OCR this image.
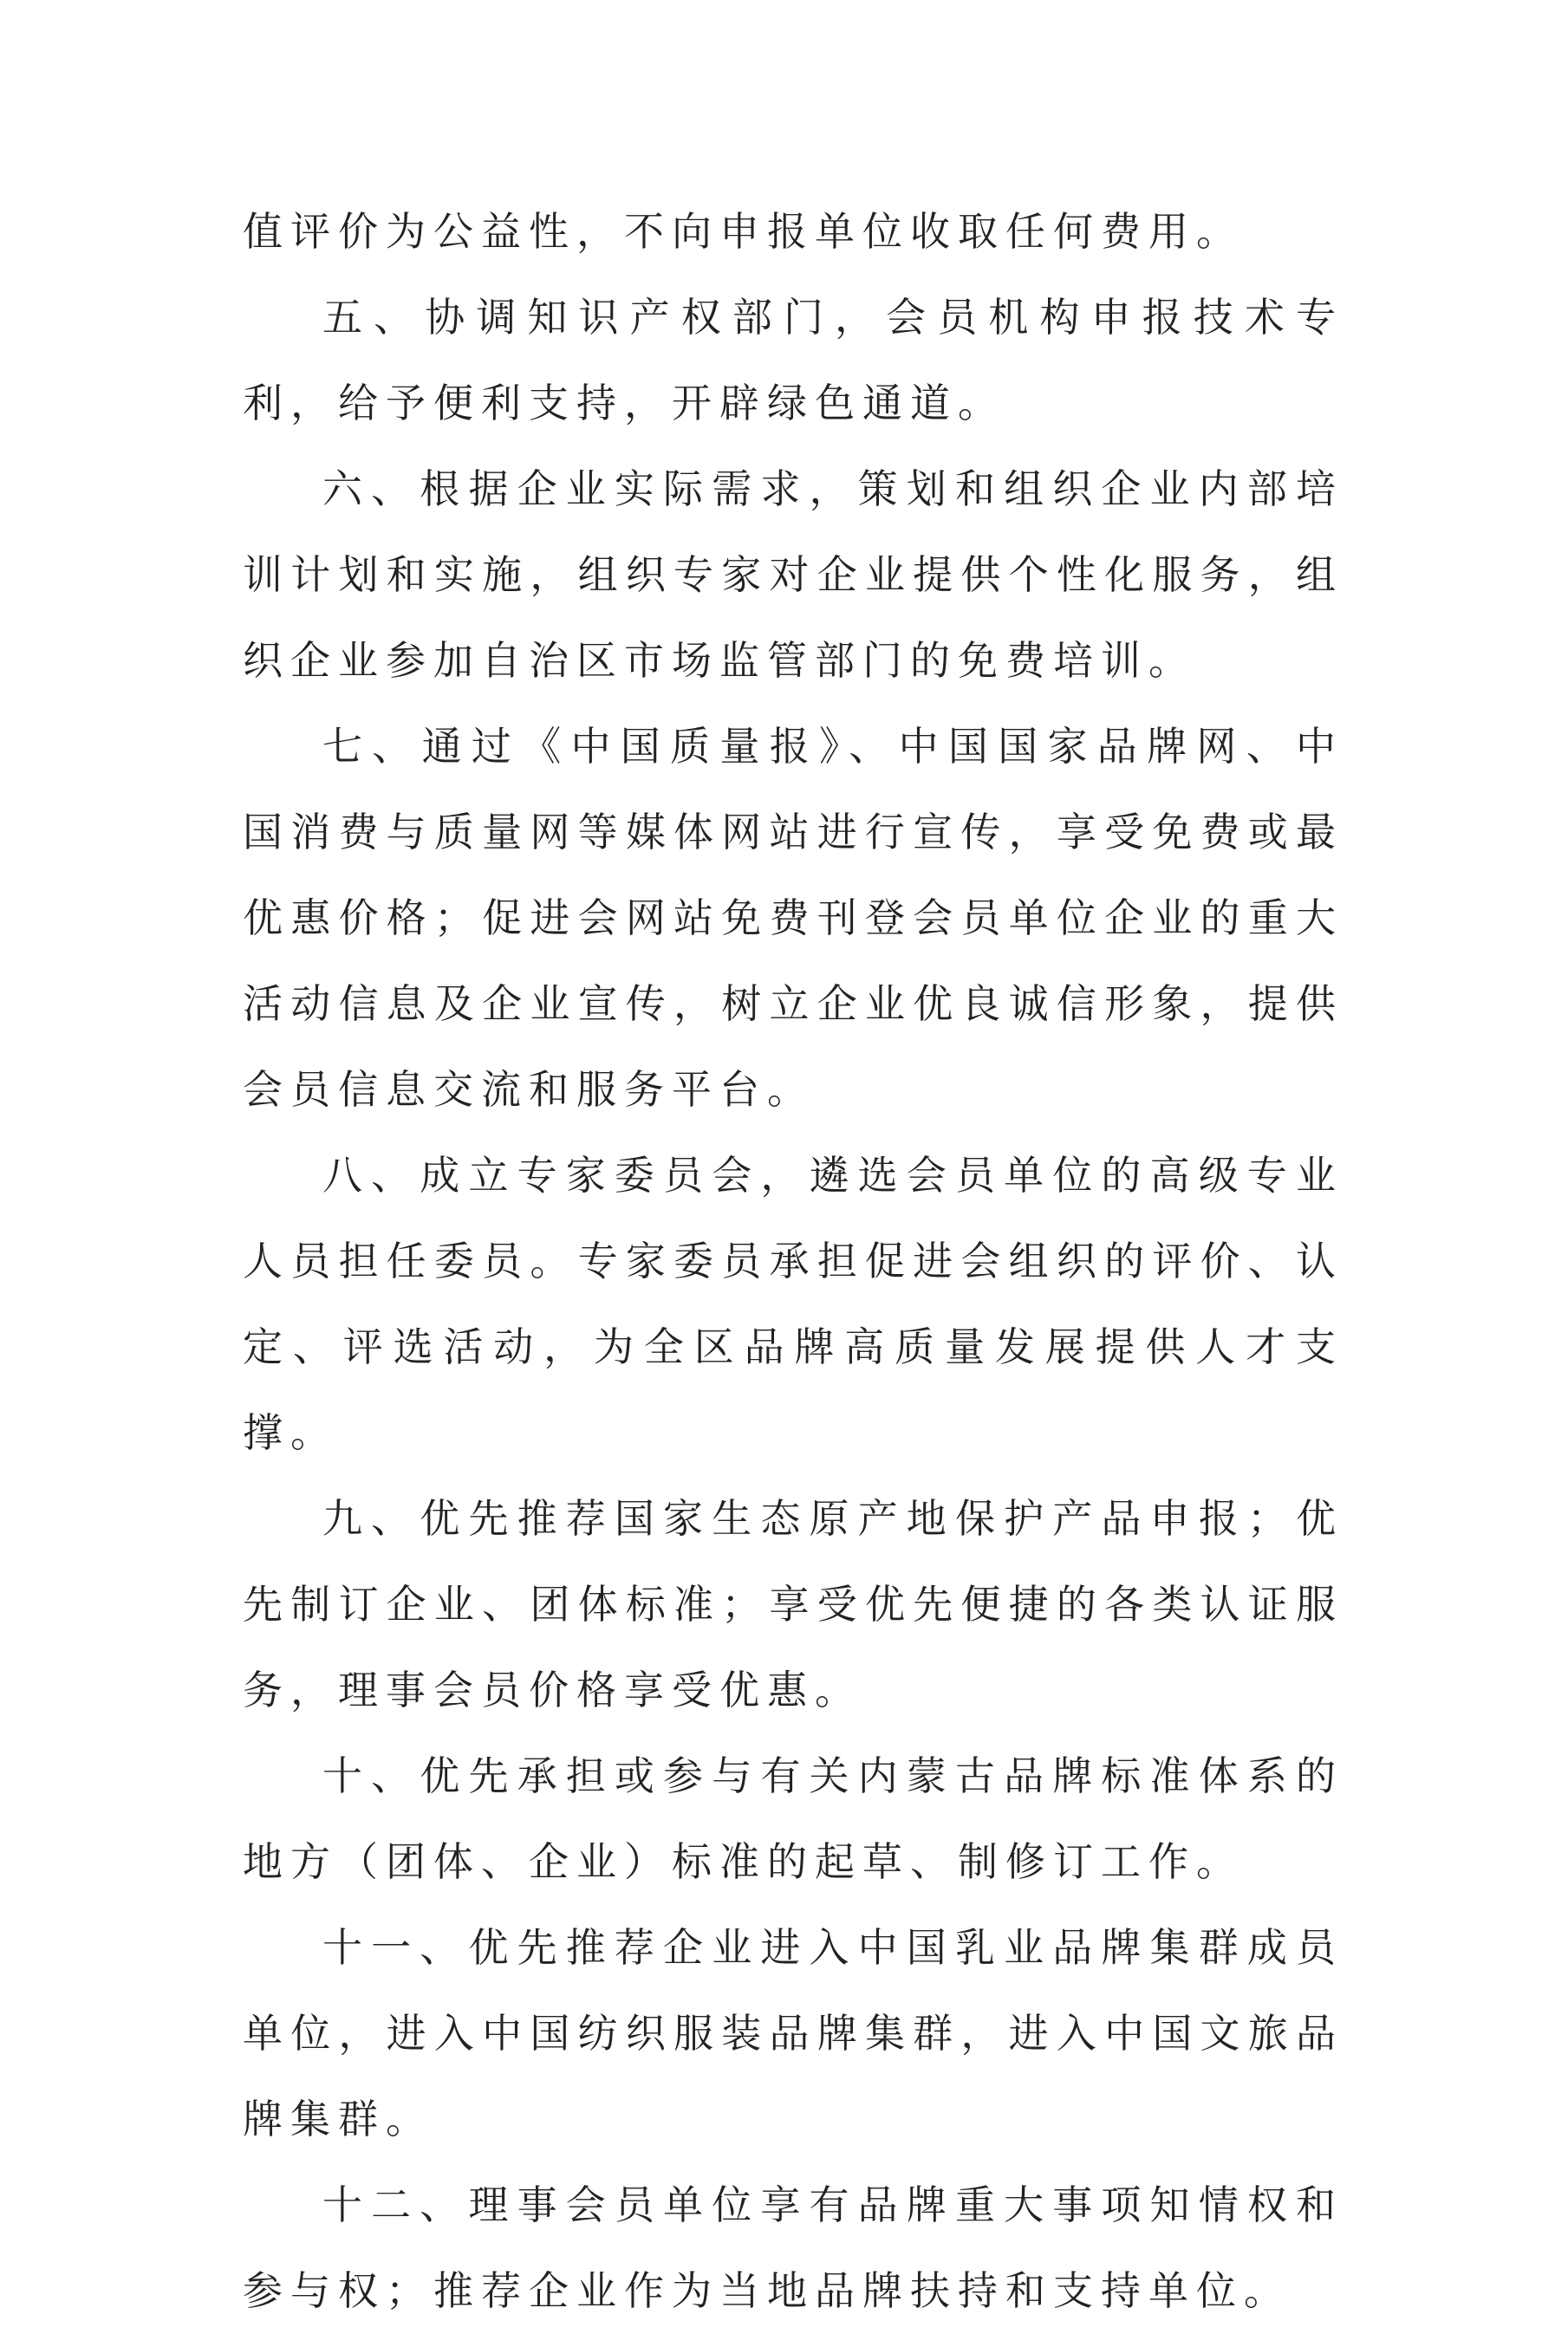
值评价为公益性，不向申报单位收取任何费用。

五、协调知识产权部门，会员机构申报技术专利，给予便利支持，开辟绿色通道。

六、根据企业实际需求，策划和组织企业内部培训计划和实施，组织专家对企业提供个性化服务，组织企业参加自治区市场监管部门的免费培训。

七、通过《中国质量报》、中国国家品牌网、中国消费与质量网等媒体网站进行宣传，享受免费或最优惠价格；促进会网站免费刊登会员单位企业的重大活动信息及企业宣传，树立企业优良诚信形象，提供会员信息交流和服务平台。

八、成立专家委员会，遴选会员单位的高级专业人员担任委员。专家委员承担促进会组织的评价、认定、评选活动，为全区品牌高质量发展提供人才支撑。

九、优先推荐国家生态原产地保护产品申报；优先制订企业、团体标准；享受优先便捷的各类认证服务，理事会员价格享受优惠。

十、优先承担或参与有关内蒙古品牌标准体系的地方（团体、企业）标准的起草、制修订工作。

十一、优先推荐企业进入中国乳业品牌集群成员单位，进入中国纺织服装品牌集群，进入中国文旅品牌集群。

十二、理事会员单位享有品牌重大事项知情权和参与权；推荐企业作为当地品牌扶持和支持单位。
